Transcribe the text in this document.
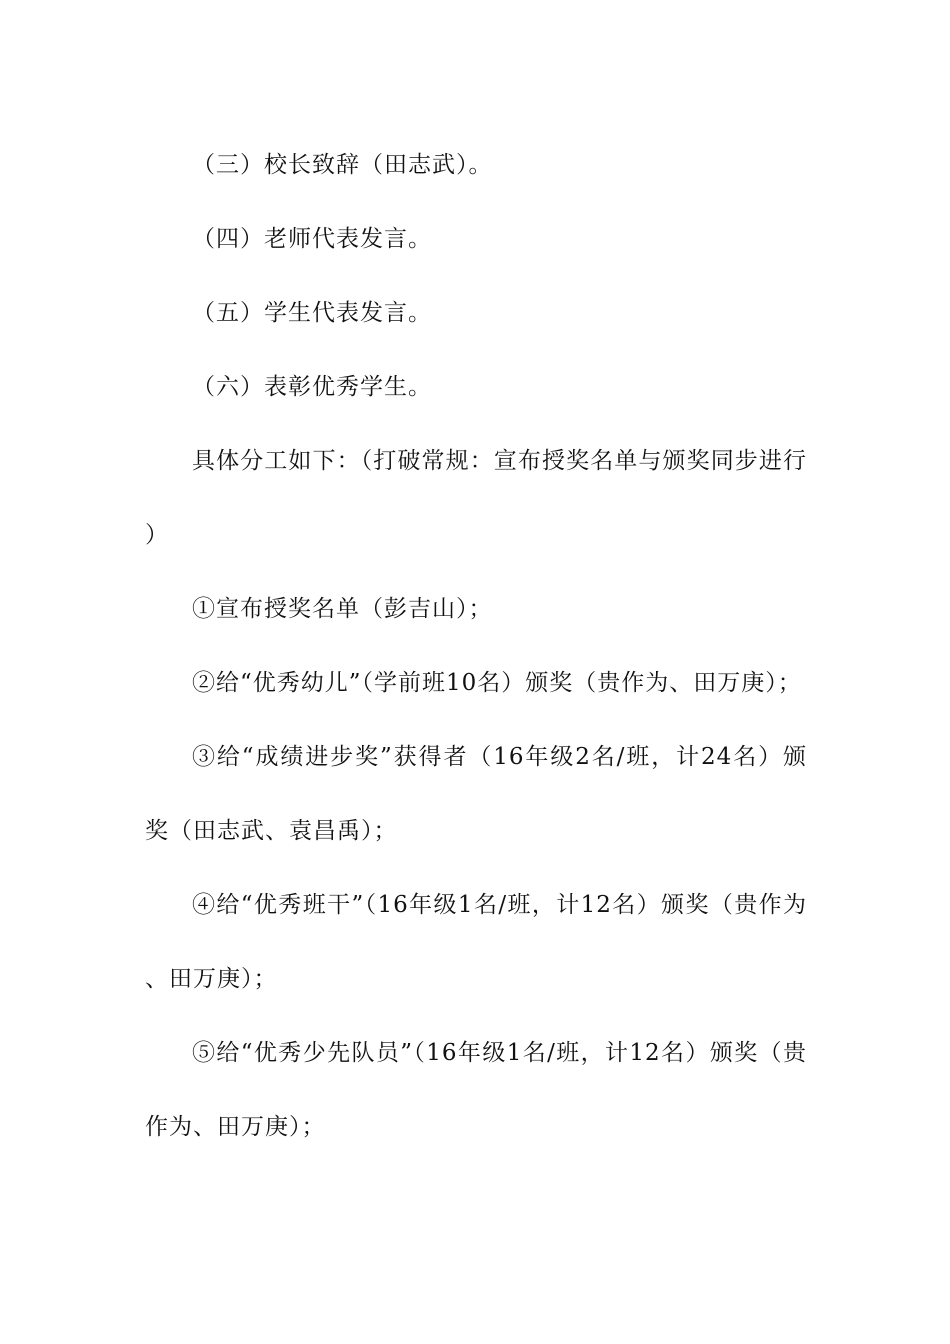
（三）校长致辞（田志武）。

（四）老师代表发言。

（五）学生代表发言。

（六）表彰优秀学生。

具体分工如下：（打破常规：宣布授奖名单与颁奖同步进行）

①宣布授奖名单（彭吉山）；

②给“优秀幼儿”（学前班10名）颁奖（贵作为、田万庚）；

③给“成绩进步奖”获得者（16年级2名/班，计24名）颁奖（田志武、袁昌禹）；

④给“优秀班干”（16年级1名/班，计12名）颁奖（贵作为、田万庚）；

⑤给“优秀少先队员”（16年级1名/班，计12名）颁奖（贵作为、田万庚）；
